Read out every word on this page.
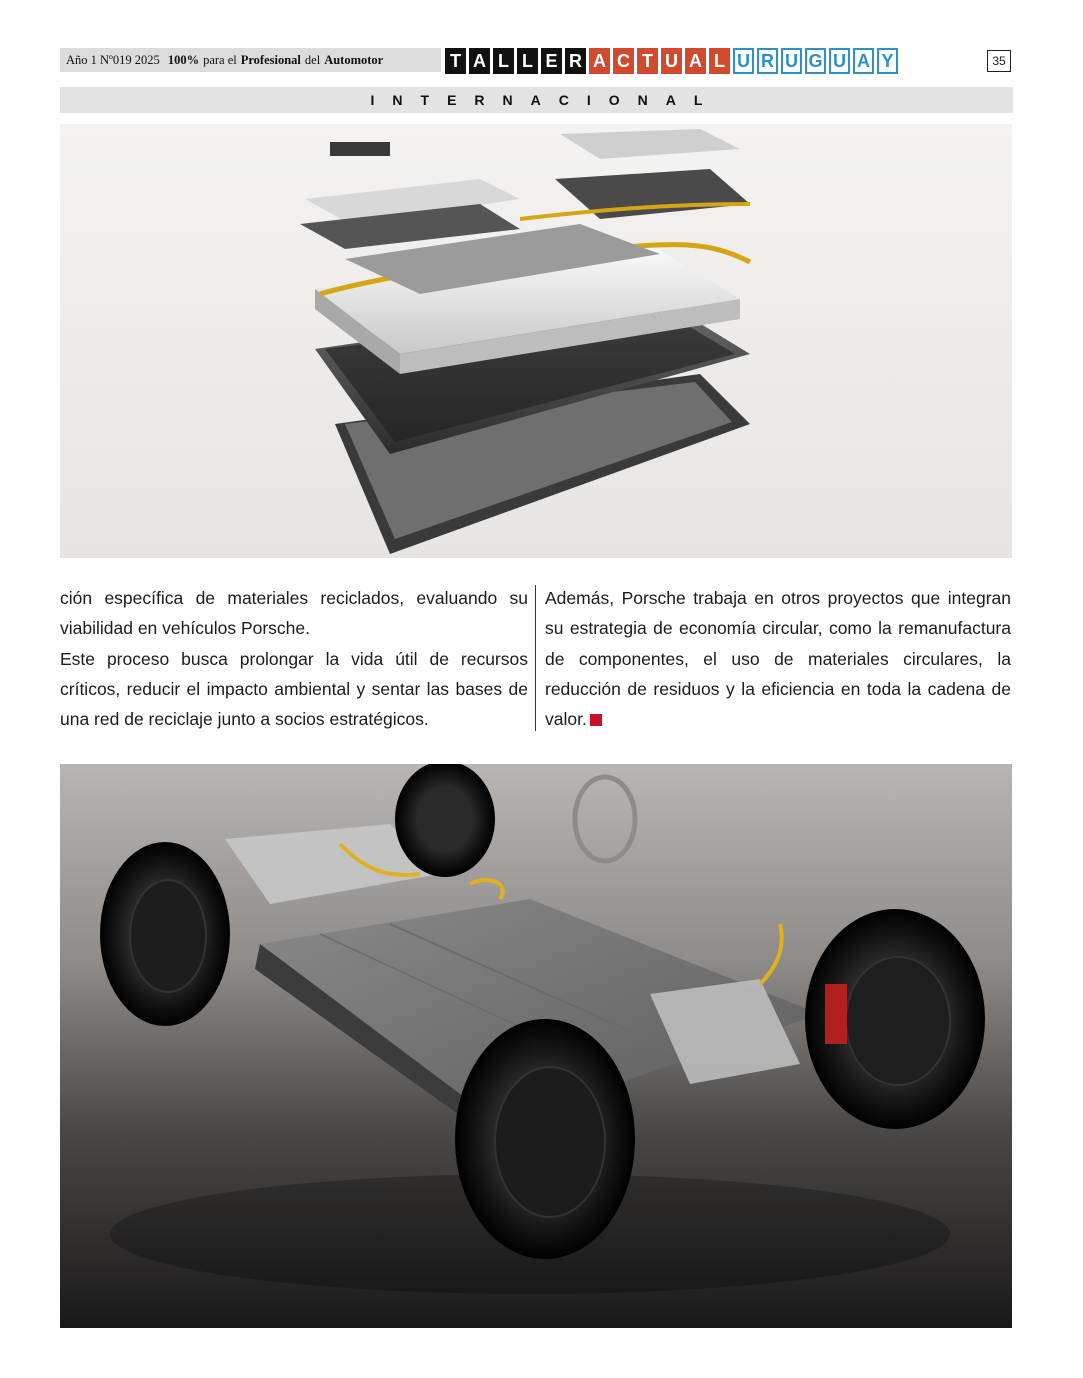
Año 1 Nº019 2025 100% para el Profesional del Automotor	T A L L E R A C T U A L U R U G U A Y	35
INTERNACIONAL

ción específica de materiales reciclados, evaluando su viabilidad en vehículos Porsche.

Este proceso busca prolongar la vida útil de recursos críticos, reducir el impacto ambiental y sentar las bases de una red de reciclaje junto a socios estratégicos.

Además, Porsche trabaja en otros proyectos que integran su estrategia de economía circular, como la remanufactura de componentes, el uso de materiales circulares, la reducción de residuos y la eficiencia en toda la cadena de valor.
